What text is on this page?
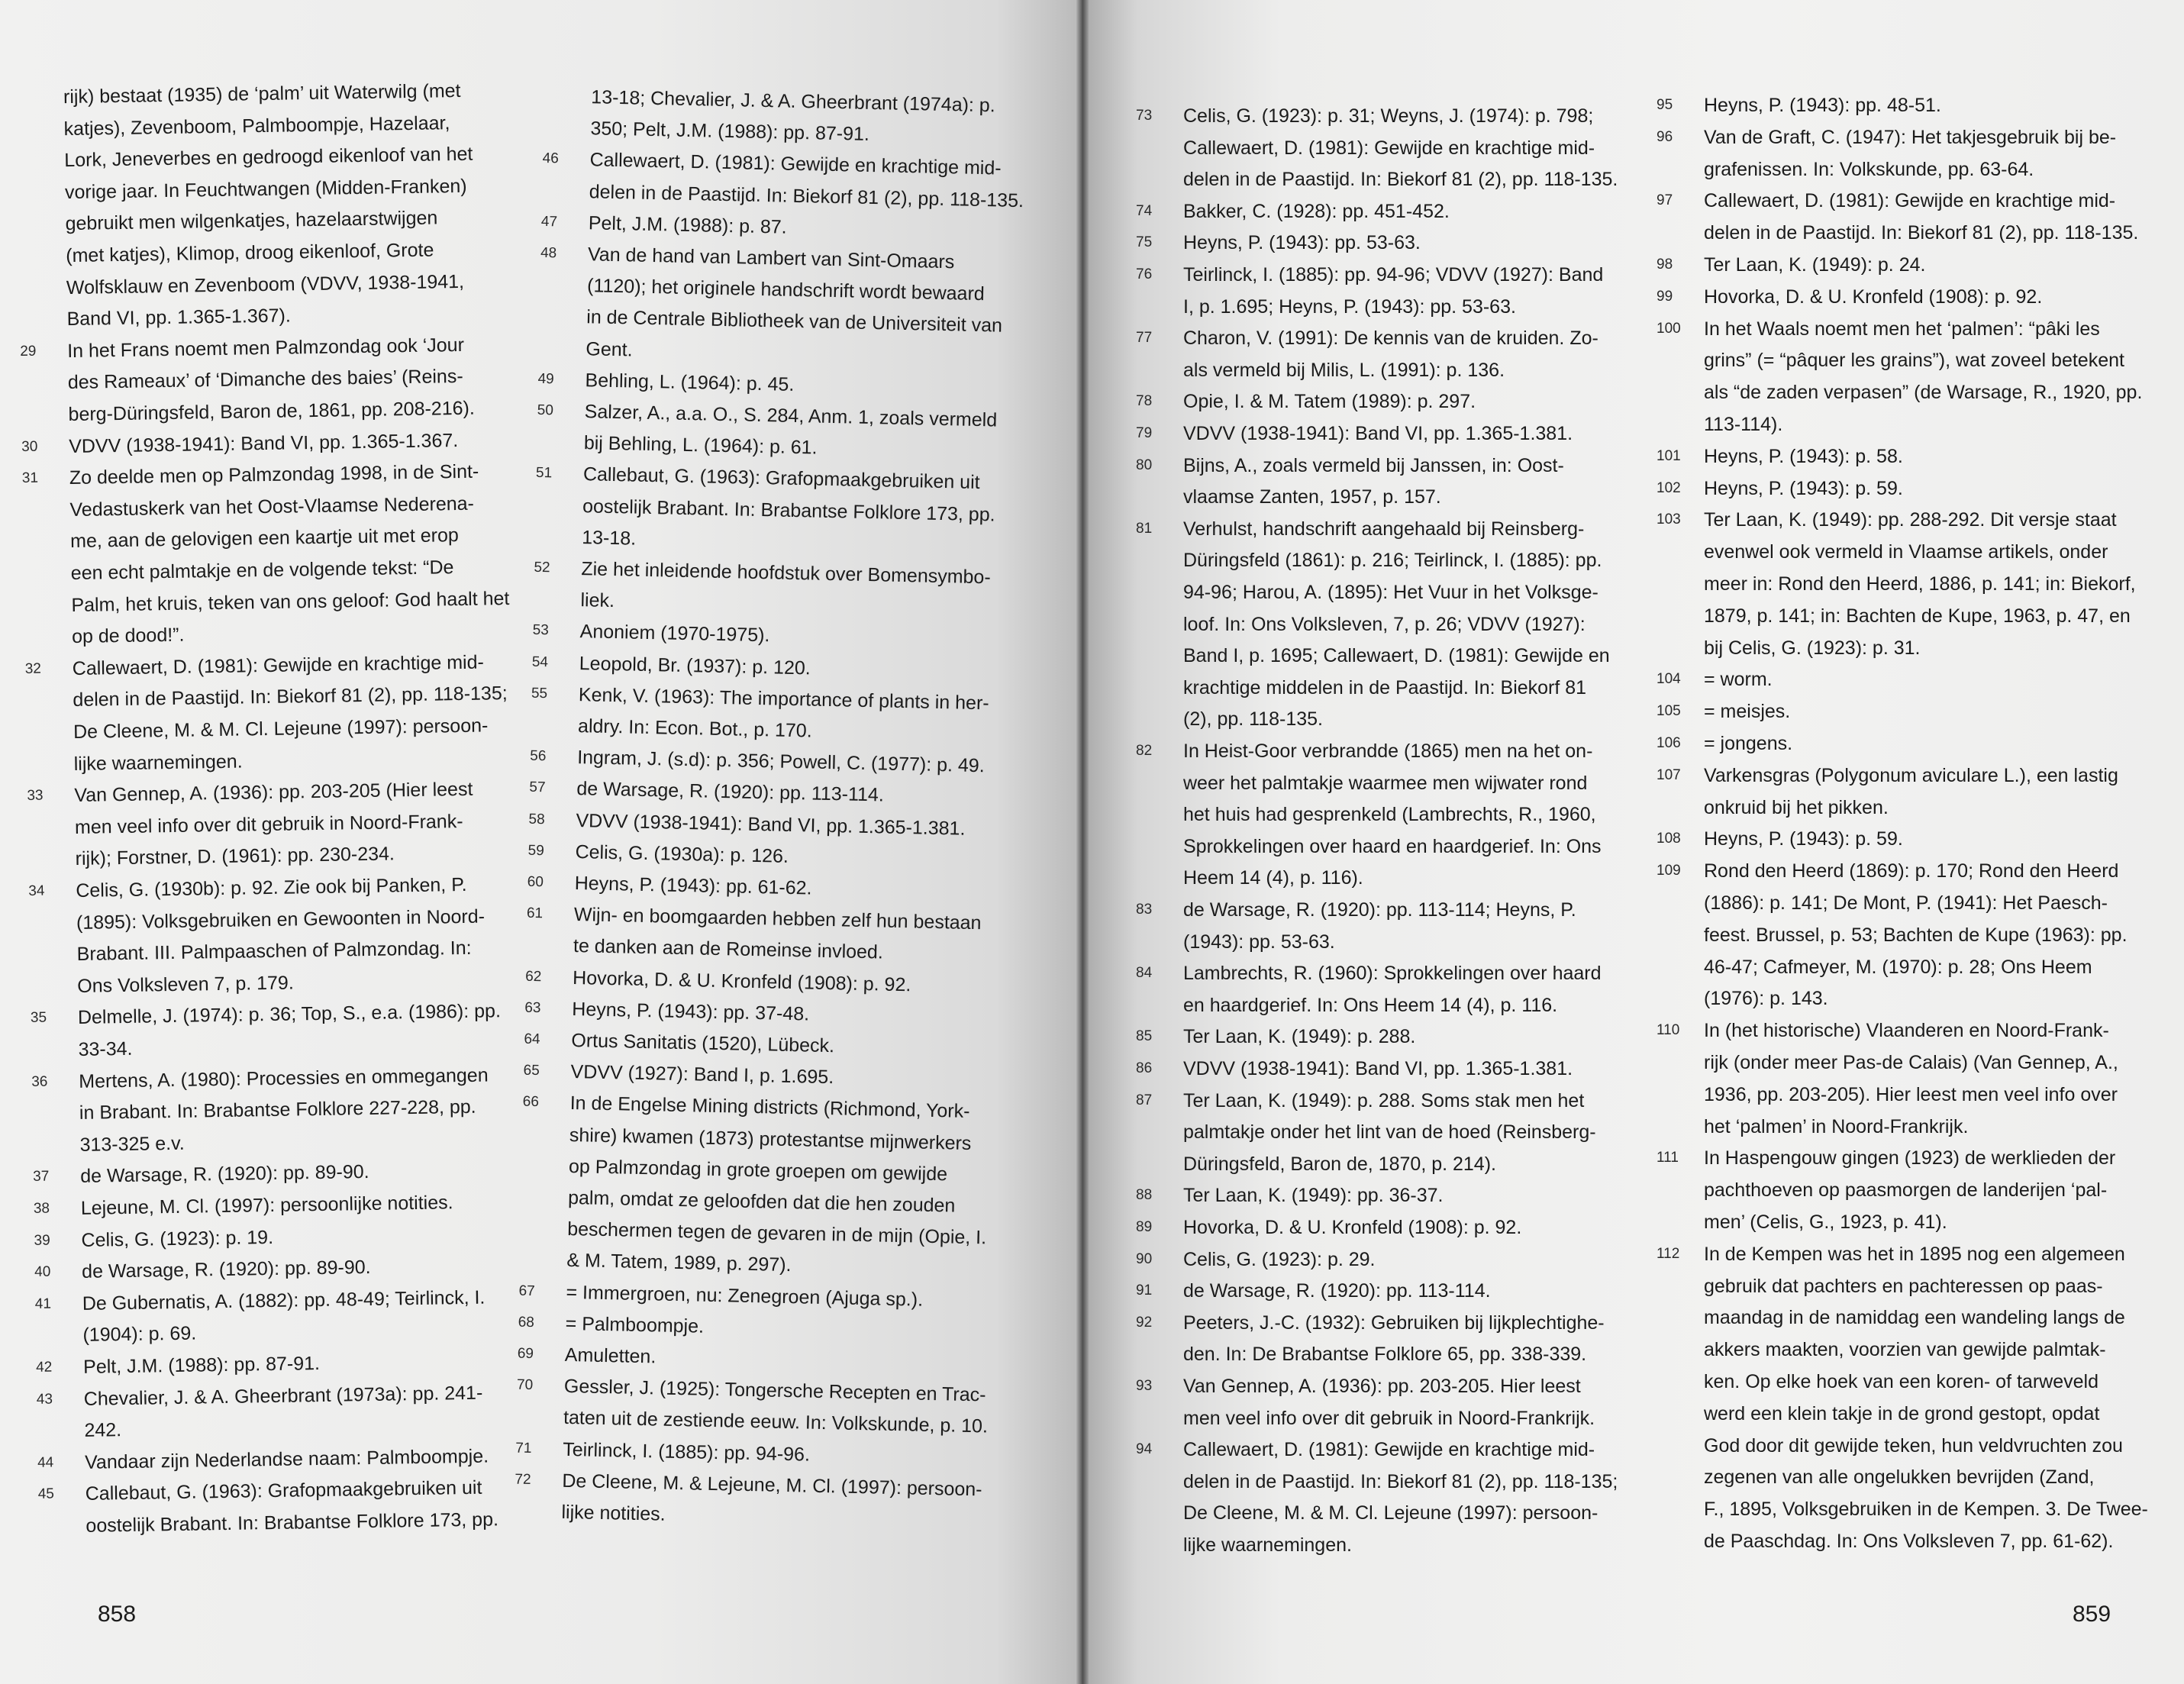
rijk) bestaat (1935) de ‘palm’ uit Waterwilg (met
katjes), Zevenboom, Palmboompje, Hazelaar,
Lork, Jeneverbes en gedroogd eikenloof van het
vorige jaar. In Feuchtwangen (Midden-Franken)
gebruikt men wilgenkatjes, hazelaarstwijgen
(met katjes), Klimop, droog eikenloof, Grote
Wolfsklauw en Zevenboom (VDVV, 1938-1941,
Band VI, pp. 1.365-1.367).
29 In het Frans noemt men Palmzondag ook ‘Jour
des Rameaux’ of ‘Dimanche des baies’ (Reins-
berg-Düringsfeld, Baron de, 1861, pp. 208-216).
30 VDVV (1938-1941): Band VI, pp. 1.365-1.367.
31 Zo deelde men op Palmzondag 1998, in de Sint-
Vedastuskerk van het Oost-Vlaamse Nederena-
me, aan de gelovigen een kaartje uit met erop
een echt palmtakje en de volgende tekst: “De
Palm, het kruis, teken van ons geloof: God haalt het
op de dood!”.
32 Callewaert, D. (1981): Gewijde en krachtige mid-
delen in de Paastijd. In: Biekorf 81 (2), pp. 118-135;
De Cleene, M. & M. Cl. Lejeune (1997): persoon-
lijke waarnemingen.
33 Van Gennep, A. (1936): pp. 203-205 (Hier leest
men veel info over dit gebruik in Noord-Frank-
rijk); Forstner, D. (1961): pp. 230-234.
34 Celis, G. (1930b): p. 92. Zie ook bij Panken, P.
(1895): Volksgebruiken en Gewoonten in Noord-
Brabant. III. Palmpaaschen of Palmzondag. In:
Ons Volksleven 7, p. 179.
35 Delmelle, J. (1974): p. 36; Top, S., e.a. (1986): pp.
33-34.
36 Mertens, A. (1980): Processies en ommegangen
in Brabant. In: Brabantse Folklore 227-228, pp.
313-325 e.v.
37 de Warsage, R. (1920): pp. 89-90.
38 Lejeune, M. Cl. (1997): persoonlijke notities.
39 Celis, G. (1923): p. 19.
40 de Warsage, R. (1920): pp. 89-90.
41 De Gubernatis, A. (1882): pp. 48-49; Teirlinck, I.
(1904): p. 69.
42 Pelt, J.M. (1988): pp. 87-91.
43 Chevalier, J. & A. Gheerbrant (1973a): pp. 241-
242.
44 Vandaar zijn Nederlandse naam: Palmboompje.
45 Callebaut, G. (1963): Grafopmaakgebruiken uit
oostelijk Brabant. In: Brabantse Folklore 173, pp.
13-18; Chevalier, J. & A. Gheerbrant (1974a): p.
350; Pelt, J.M. (1988): pp. 87-91.
46 Callewaert, D. (1981): Gewijde en krachtige mid-
delen in de Paastijd. In: Biekorf 81 (2), pp. 118-135.
47 Pelt, J.M. (1988): p. 87.
48 Van de hand van Lambert van Sint-Omaars
(1120); het originele handschrift wordt bewaard
in de Centrale Bibliotheek van de Universiteit van
Gent.
49 Behling, L. (1964): p. 45.
50 Salzer, A., a.a. O., S. 284, Anm. 1, zoals vermeld
bij Behling, L. (1964): p. 61.
51 Callebaut, G. (1963): Grafopmaakgebruiken uit
oostelijk Brabant. In: Brabantse Folklore 173, pp.
13-18.
52 Zie het inleidende hoofdstuk over Bomensymbo-
liek.
53 Anoniem (1970-1975).
54 Leopold, Br. (1937): p. 120.
55 Kenk, V. (1963): The importance of plants in her-
aldry. In: Econ. Bot., p. 170.
56 Ingram, J. (s.d): p. 356; Powell, C. (1977): p. 49.
57 de Warsage, R. (1920): pp. 113-114.
58 VDVV (1938-1941): Band VI, pp. 1.365-1.381.
59 Celis, G. (1930a): p. 126.
60 Heyns, P. (1943): pp. 61-62.
61 Wijn- en boomgaarden hebben zelf hun bestaan
te danken aan de Romeinse invloed.
62 Hovorka, D. & U. Kronfeld (1908): p. 92.
63 Heyns, P. (1943): pp. 37-48.
64 Ortus Sanitatis (1520), Lübeck.
65 VDVV (1927): Band I, p. 1.695.
66 In de Engelse Mining districts (Richmond, York-
shire) kwamen (1873) protestantse mijnwerkers
op Palmzondag in grote groepen om gewijde
palm, omdat ze geloofden dat die hen zouden
beschermen tegen de gevaren in de mijn (Opie, I.
& M. Tatem, 1989, p. 297).
67 = Immergroen, nu: Zenegroen (Ajuga sp.).
68 = Palmboompje.
69 Amuletten.
70 Gessler, J. (1925): Tongersche Recepten en Trac-
taten uit de zestiende eeuw. In: Volkskunde, p. 10.
71 Teirlinck, I. (1885): pp. 94-96.
72 De Cleene, M. & Lejeune, M. Cl. (1997): persoon-
lijke notities.
858	859
73 Celis, G. (1923): p. 31; Weyns, J. (1974): p. 798;
Callewaert, D. (1981): Gewijde en krachtige mid-
delen in de Paastijd. In: Biekorf 81 (2), pp. 118-135.
74 Bakker, C. (1928): pp. 451-452.
75 Heyns, P. (1943): pp. 53-63.
76 Teirlinck, I. (1885): pp. 94-96; VDVV (1927): Band
I, p. 1.695; Heyns, P. (1943): pp. 53-63.
77 Charon, V. (1991): De kennis van de kruiden. Zo-
als vermeld bij Milis, L. (1991): p. 136.
78 Opie, I. & M. Tatem (1989): p. 297.
79 VDVV (1938-1941): Band VI, pp. 1.365-1.381.
80 Bijns, A., zoals vermeld bij Janssen, in: Oost-
vlaamse Zanten, 1957, p. 157.
81 Verhulst, handschrift aangehaald bij Reinsberg-
Düringsfeld (1861): p. 216; Teirlinck, I. (1885): pp.
94-96; Harou, A. (1895): Het Vuur in het Volksge-
loof. In: Ons Volksleven, 7, p. 26; VDVV (1927):
Band I, p. 1695; Callewaert, D. (1981): Gewijde en
krachtige middelen in de Paastijd. In: Biekorf 81
(2), pp. 118-135.
82 In Heist-Goor verbrandde (1865) men na het on-
weer het palmtakje waarmee men wijwater rond
het huis had gesprenkeld (Lambrechts, R., 1960,
Sprokkelingen over haard en haardgerief. In: Ons
Heem 14 (4), p. 116).
83 de Warsage, R. (1920): pp. 113-114; Heyns, P.
(1943): pp. 53-63.
84 Lambrechts, R. (1960): Sprokkelingen over haard
en haardgerief. In: Ons Heem 14 (4), p. 116.
85 Ter Laan, K. (1949): p. 288.
86 VDVV (1938-1941): Band VI, pp. 1.365-1.381.
87 Ter Laan, K. (1949): p. 288. Soms stak men het
palmtakje onder het lint van de hoed (Reinsberg-
Düringsfeld, Baron de, 1870, p. 214).
88 Ter Laan, K. (1949): pp. 36-37.
89 Hovorka, D. & U. Kronfeld (1908): p. 92.
90 Celis, G. (1923): p. 29.
91 de Warsage, R. (1920): pp. 113-114.
92 Peeters, J.-C. (1932): Gebruiken bij lijkplechtighe-
den. In: De Brabantse Folklore 65, pp. 338-339.
93 Van Gennep, A. (1936): pp. 203-205. Hier leest
men veel info over dit gebruik in Noord-Frankrijk.
94 Callewaert, D. (1981): Gewijde en krachtige mid-
delen in de Paastijd. In: Biekorf 81 (2), pp. 118-135;
De Cleene, M. & M. Cl. Lejeune (1997): persoon-
lijke waarnemingen.
95 Heyns, P. (1943): pp. 48-51.
96 Van de Graft, C. (1947): Het takjesgebruik bij be-
grafenissen. In: Volkskunde, pp. 63-64.
97 Callewaert, D. (1981): Gewijde en krachtige mid-
delen in de Paastijd. In: Biekorf 81 (2), pp. 118-135.
98 Ter Laan, K. (1949): p. 24.
99 Hovorka, D. & U. Kronfeld (1908): p. 92.
100 In het Waals noemt men het ‘palmen’: “pâki les
grins” (= “pâquer les grains”), wat zoveel betekent
als “de zaden verpasen” (de Warsage, R., 1920, pp.
113-114).
101 Heyns, P. (1943): p. 58.
102 Heyns, P. (1943): p. 59.
103 Ter Laan, K. (1949): pp. 288-292. Dit versje staat
evenwel ook vermeld in Vlaamse artikels, onder
meer in: Rond den Heerd, 1886, p. 141; in: Biekorf,
1879, p. 141; in: Bachten de Kupe, 1963, p. 47, en
bij Celis, G. (1923): p. 31.
104 = worm.
105 = meisjes.
106 = jongens.
107 Varkensgras (Polygonum aviculare L.), een lastig
onkruid bij het pikken.
108 Heyns, P. (1943): p. 59.
109 Rond den Heerd (1869): p. 170; Rond den Heerd
(1886): p. 141; De Mont, P. (1941): Het Paesch-
feest. Brussel, p. 53; Bachten de Kupe (1963): pp.
46-47; Cafmeyer, M. (1970): p. 28; Ons Heem
(1976): p. 143.
110 In (het historische) Vlaanderen en Noord-Frank-
rijk (onder meer Pas-de Calais) (Van Gennep, A.,
1936, pp. 203-205). Hier leest men veel info over
het ‘palmen’ in Noord-Frankrijk.
111 In Haspengouw gingen (1923) de werklieden der
pachthoeven op paasmorgen de landerijen ‘pal-
men’ (Celis, G., 1923, p. 41).
112 In de Kempen was het in 1895 nog een algemeen
gebruik dat pachters en pachteressen op paas-
maandag in de namiddag een wandeling langs de
akkers maakten, voorzien van gewijde palmtak-
ken. Op elke hoek van een koren- of tarweveld
werd een klein takje in de grond gestopt, opdat
God door dit gewijde teken, hun veldvruchten zou
zegenen van alle ongelukken bevrijden (Zand,
F., 1895, Volksgebruiken in de Kempen. 3. De Twee-
de Paaschdag. In: Ons Volksleven 7, pp. 61-62).
